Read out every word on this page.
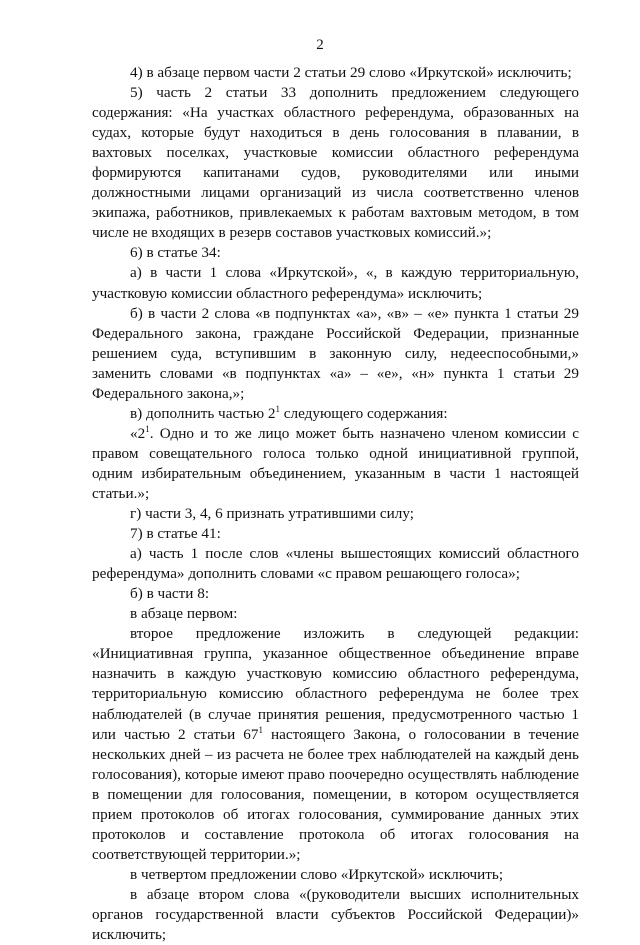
2

4) в абзаце первом части 2 статьи 29 слово «Иркутской» исключить;

5) часть 2 статьи 33 дополнить предложением следующего содержания: «На участках областного референдума, образованных на судах, которые будут находиться в день голосования в плавании, в вахтовых поселках, участковые комиссии областного референдума формируются капитанами судов, руководителями или иными должностными лицами организаций из числа соответственно членов экипажа, работников, привлекаемых к работам вахтовым методом, в том числе не входящих в резерв составов участковых комиссий.»;

6) в статье 34:

а) в части 1 слова «Иркутской», «, в каждую территориальную, участковую комиссии областного референдума» исключить;

б) в части 2 слова «в подпунктах «а», «в» – «е» пункта 1 статьи 29 Федерального закона, граждане Российской Федерации, признанные решением суда, вступившим в законную силу, недееспособными,» заменить словами «в подпунктах «а» – «е», «н» пункта 1 статьи 29 Федерального закона,»;

в) дополнить частью $2^1$ следующего содержания:

«$2^1$. Одно и то же лицо может быть назначено членом комиссии с правом совещательного голоса только одной инициативной группой, одним избирательным объединением, указанным в части 1 настоящей статьи.»;

г) части 3, 4, 6 признать утратившими силу;

7) в статье 41:

а) часть 1 после слов «члены вышестоящих комиссий областного референдума» дополнить словами «с правом решающего голоса»;

б) в части 8:

в абзаце первом:

второе предложение изложить в следующей редакции: «Инициативная группа, указанное общественное объединение вправе назначить в каждую участковую комиссию областного референдума, территориальную комиссию областного референдума не более трех наблюдателей (в случае принятия решения, предусмотренного частью 1 или частью 2 статьи $67^1$ настоящего Закона, о голосовании в течение нескольких дней – из расчета не более трех наблюдателей на каждый день голосования), которые имеют право поочередно осуществлять наблюдение в помещении для голосования, помещении, в котором осуществляется прием протоколов об итогах голосования, суммирование данных этих протоколов и составление протокола об итогах голосования на соответствующей территории.»;

в четвертом предложении слово «Иркутской» исключить;

в абзаце втором слова «(руководители высших исполнительных органов государственной власти субъектов Российской Федерации)» исключить;
